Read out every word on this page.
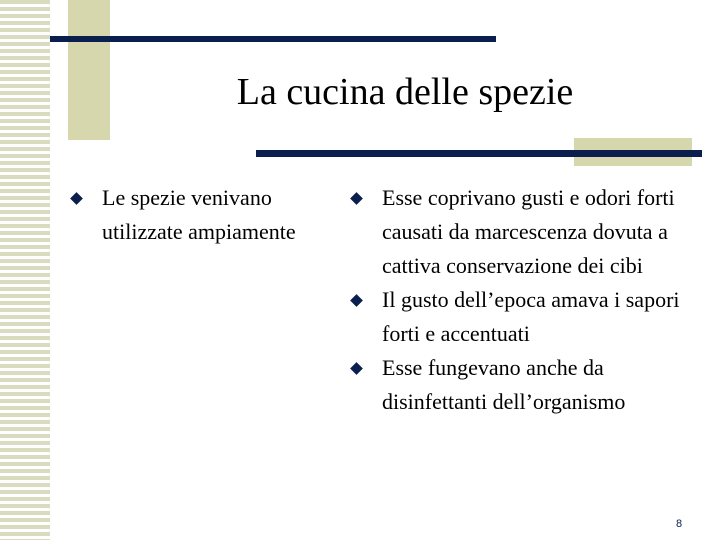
La cucina delle spezie
Le spezie venivano utilizzate ampiamente
Esse coprivano gusti e odori forti causati da marcescenza dovuta a cattiva conservazione dei cibi
Il gusto dell’epoca amava i sapori forti e accentuati
Esse fungevano anche da disinfettanti dell’organismo
8
